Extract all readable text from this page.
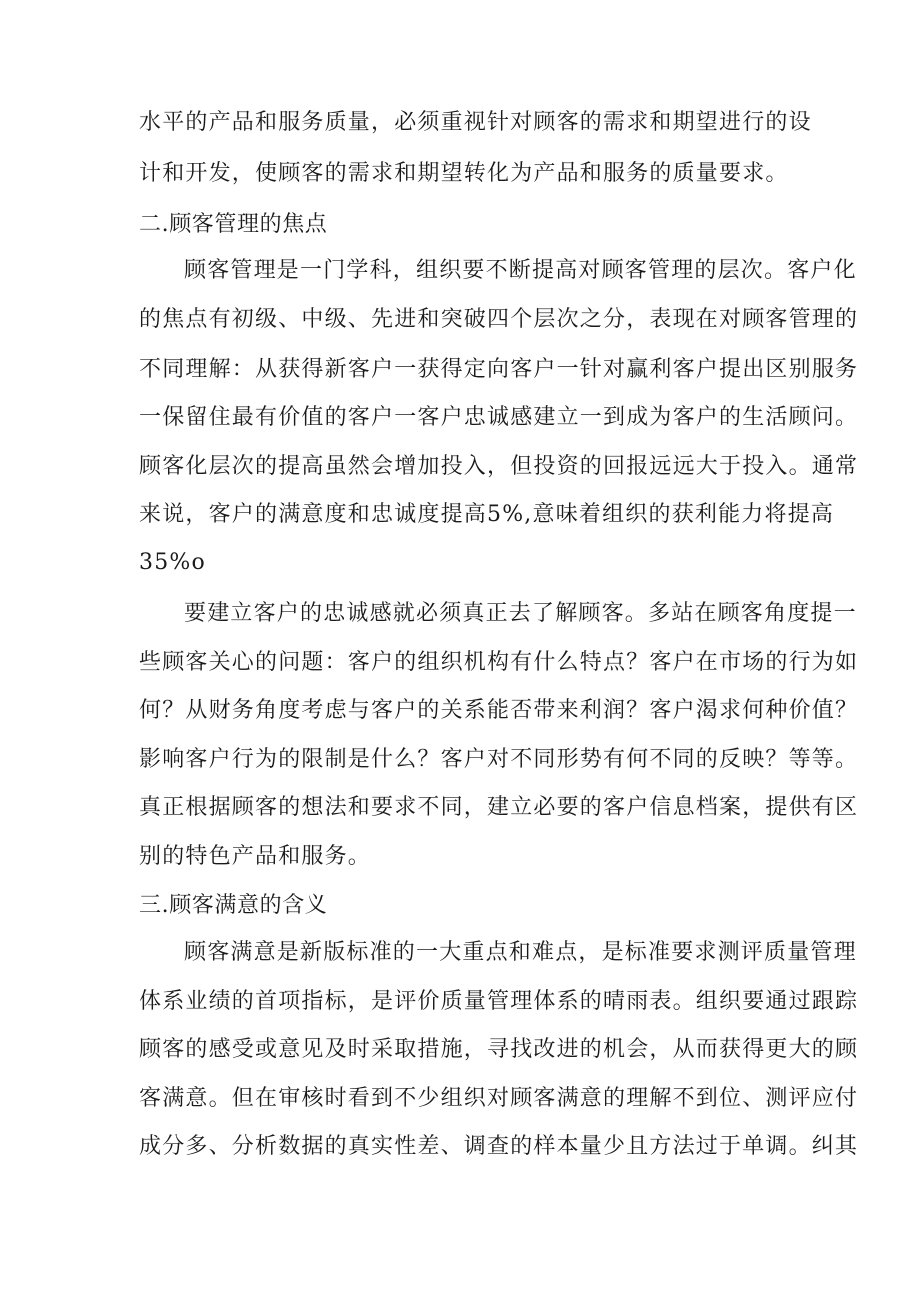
水平的产品和服务质量，必须重视针对顾客的需求和期望进行的设
计和开发，使顾客的需求和期望转化为产品和服务的质量要求。
二.顾客管理的焦点
顾客管理是一门学科，组织要不断提高对顾客管理的层次。客户化
的焦点有初级、中级、先进和突破四个层次之分，表现在对顾客管理的
不同理解：从获得新客户一获得定向客户一针对赢利客户提出区别服务
一保留住最有价值的客户一客户忠诚感建立一到成为客户的生活顾问。
顾客化层次的提高虽然会增加投入，但投资的回报远远大于投入。通常
来说，客户的满意度和忠诚度提高5%,意味着组织的获利能力将提高
35%o
要建立客户的忠诚感就必须真正去了解顾客。多站在顾客角度提一
些顾客关心的问题：客户的组织机构有什么特点？客户在市场的行为如
何？从财务角度考虑与客户的关系能否带来利润？客户渴求何种价值？
影响客户行为的限制是什么？客户对不同形势有何不同的反映？等等。
真正根据顾客的想法和要求不同，建立必要的客户信息档案，提供有区
别的特色产品和服务。
三.顾客满意的含义
顾客满意是新版标准的一大重点和难点，是标准要求测评质量管理
体系业绩的首项指标，是评价质量管理体系的晴雨表。组织要通过跟踪
顾客的感受或意见及时采取措施，寻找改进的机会，从而获得更大的顾
客满意。但在审核时看到不少组织对顾客满意的理解不到位、测评应付
成分多、分析数据的真实性差、调查的样本量少且方法过于单调。纠其
